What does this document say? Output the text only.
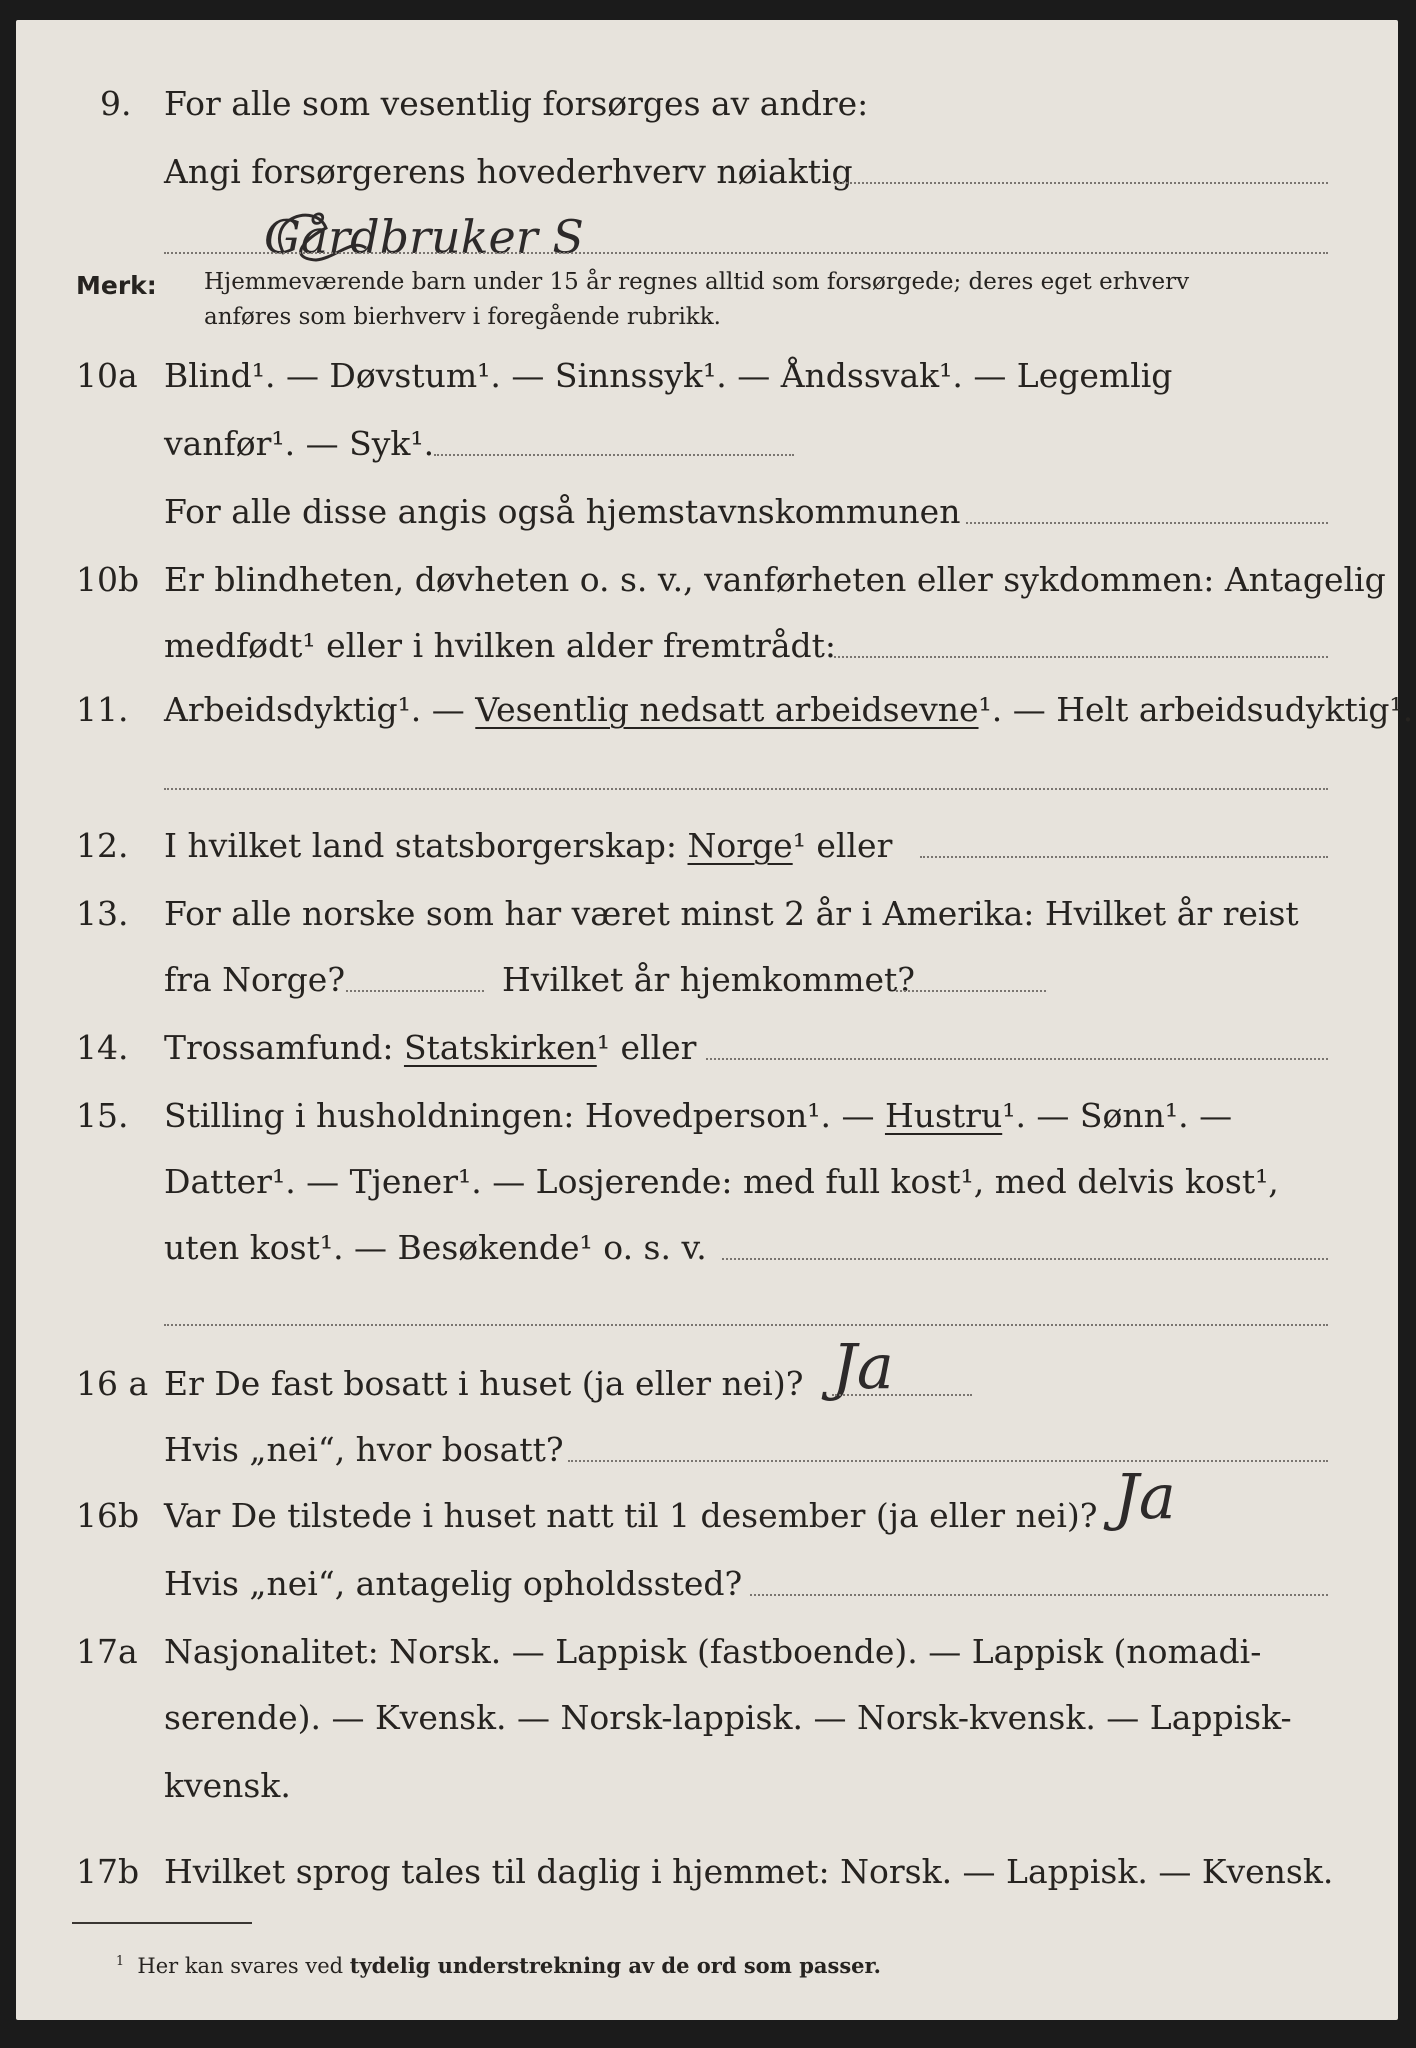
9. For alle som vesentlig forsørges av andre:
Angi forsørgerens hovederhverv nøiaktig
Gårdbruker S
Merk: Hjemmeværende barn under 15 år regnes alltid som forsørgede; deres eget erhverv
anføres som bierhverv i foregående rubrikk.
10a Blind¹. — Døvstum¹. — Sinnssyk¹. — Åndssvak¹. — Legemlig
vanfør¹. — Syk¹.
For alle disse angis også hjemstavnskommunen
10b Er blindheten, døvheten o. s. v., vanførheten eller sykdommen: Antagelig
medfødt¹ eller i hvilken alder fremtrådt:
11. Arbeidsdyktig¹. — Vesentlig nedsatt arbeidsevne¹. — Helt arbeidsudyktig¹.
12. I hvilket land statsborgerskap: Norge¹ eller
13. For alle norske som har været minst 2 år i Amerika: Hvilket år reist
fra Norge?	Hvilket år hjemkommet?
14. Trossamfund: Statskirken¹ eller
15. Stilling i husholdningen: Hovedperson¹. — Hustru¹. — Sønn¹. —
Datter¹. — Tjener¹. — Losjerende: med full kost¹, med delvis kost¹,
uten kost¹. — Besøkende¹ o. s. v.
16 a Er De fast bosatt i huset (ja eller nei)? Ja
Hvis „nei“, hvor bosatt?
16b Var De tilstede i huset natt til 1 desember (ja eller nei)? Ja
Hvis „nei“, antagelig opholdssted?
17a Nasjonalitet: Norsk. — Lappisk (fastboende). — Lappisk (nomadi-
serende). — Kvensk. — Norsk-lappisk. — Norsk-kvensk. — Lappisk-
kvensk.
17b Hvilket sprog tales til daglig i hjemmet: Norsk. — Lappisk. — Kvensk.
$^1$ Her kan svares ved tydelig understrekning av de ord som passer.
